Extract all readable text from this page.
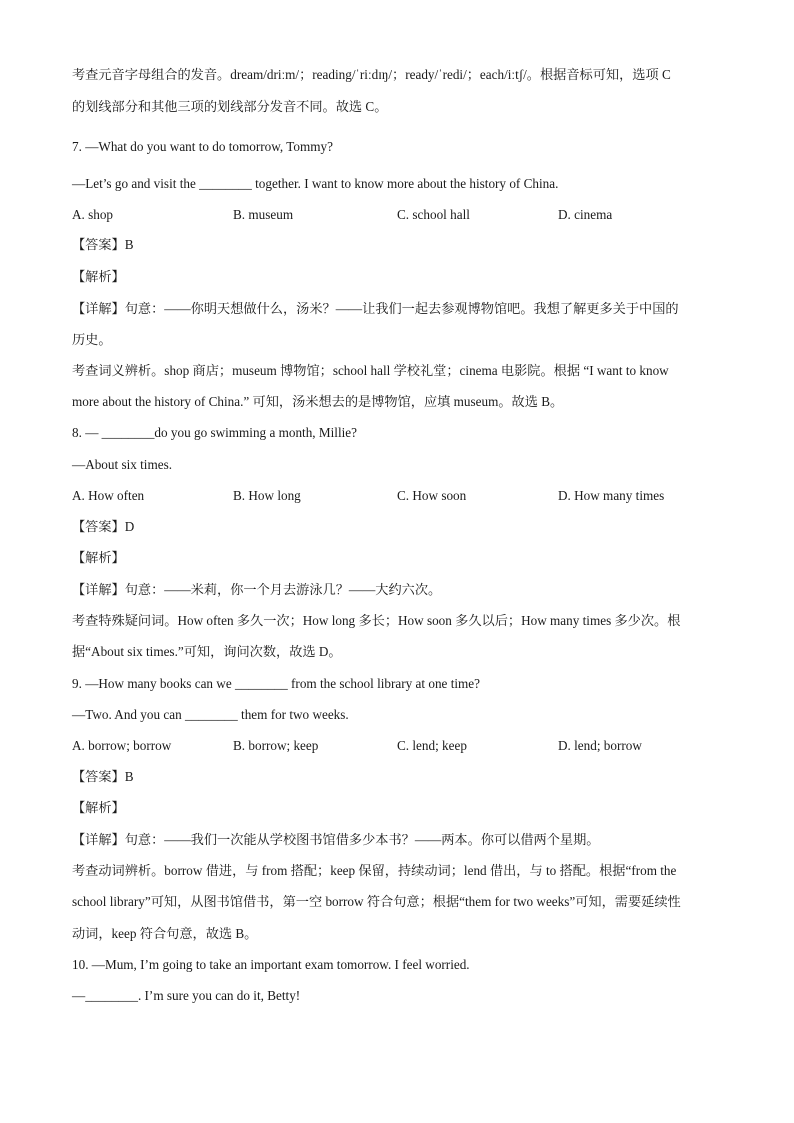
考查元音字母组合的发音。dream/driːm/；reading/ˈriːdɪŋ/；ready/ˈredi/；each/iːtʃ/。根据音标可知，选项 C
的划线部分和其他三项的划线部分发音不同。故选 C。
7. —What do you want to do tomorrow, Tommy?
—Let’s go and visit the ________ together. I want to know more about the history of China.
A. shop	B. museum	C. school hall	D. cinema
【答案】B
【解析】
【详解】句意：——你明天想做什么，汤米？——让我们一起去参观博物馆吧。我想了解更多关于中国的
历史。
考查词义辨析。shop 商店；museum 博物馆；school hall 学校礼堂；cinema 电影院。根据 “I want to know
more about the history of China.” 可知，汤米想去的是博物馆，应填 museum。故选 B。
8. — ________do you go swimming a month, Millie?
—About six times.
A. How often	B. How long	C. How soon	D. How many times
【答案】D
【解析】
【详解】句意：——米莉，你一个月去游泳几？——大约六次。
考查特殊疑问词。How often 多久一次；How long 多长；How soon 多久以后；How many times 多少次。根
据“About six times.”可知，询问次数，故选 D。
9. —How many books can we ________ from the school library at one time?
—Two. And you can ________ them for two weeks.
A. borrow; borrow	B. borrow; keep	C. lend; keep	D. lend; borrow
【答案】B
【解析】
【详解】句意：——我们一次能从学校图书馆借多少本书？——两本。你可以借两个星期。
考查动词辨析。borrow 借进，与 from 搭配；keep 保留，持续动词；lend 借出，与 to 搭配。根据“from the
school library”可知，从图书馆借书，第一空 borrow 符合句意；根据“them for two weeks”可知，需要延续性
动词，keep 符合句意，故选 B。
10. —Mum, I’m going to take an important exam tomorrow. I feel worried.
—________. I’m sure you can do it, Betty!
